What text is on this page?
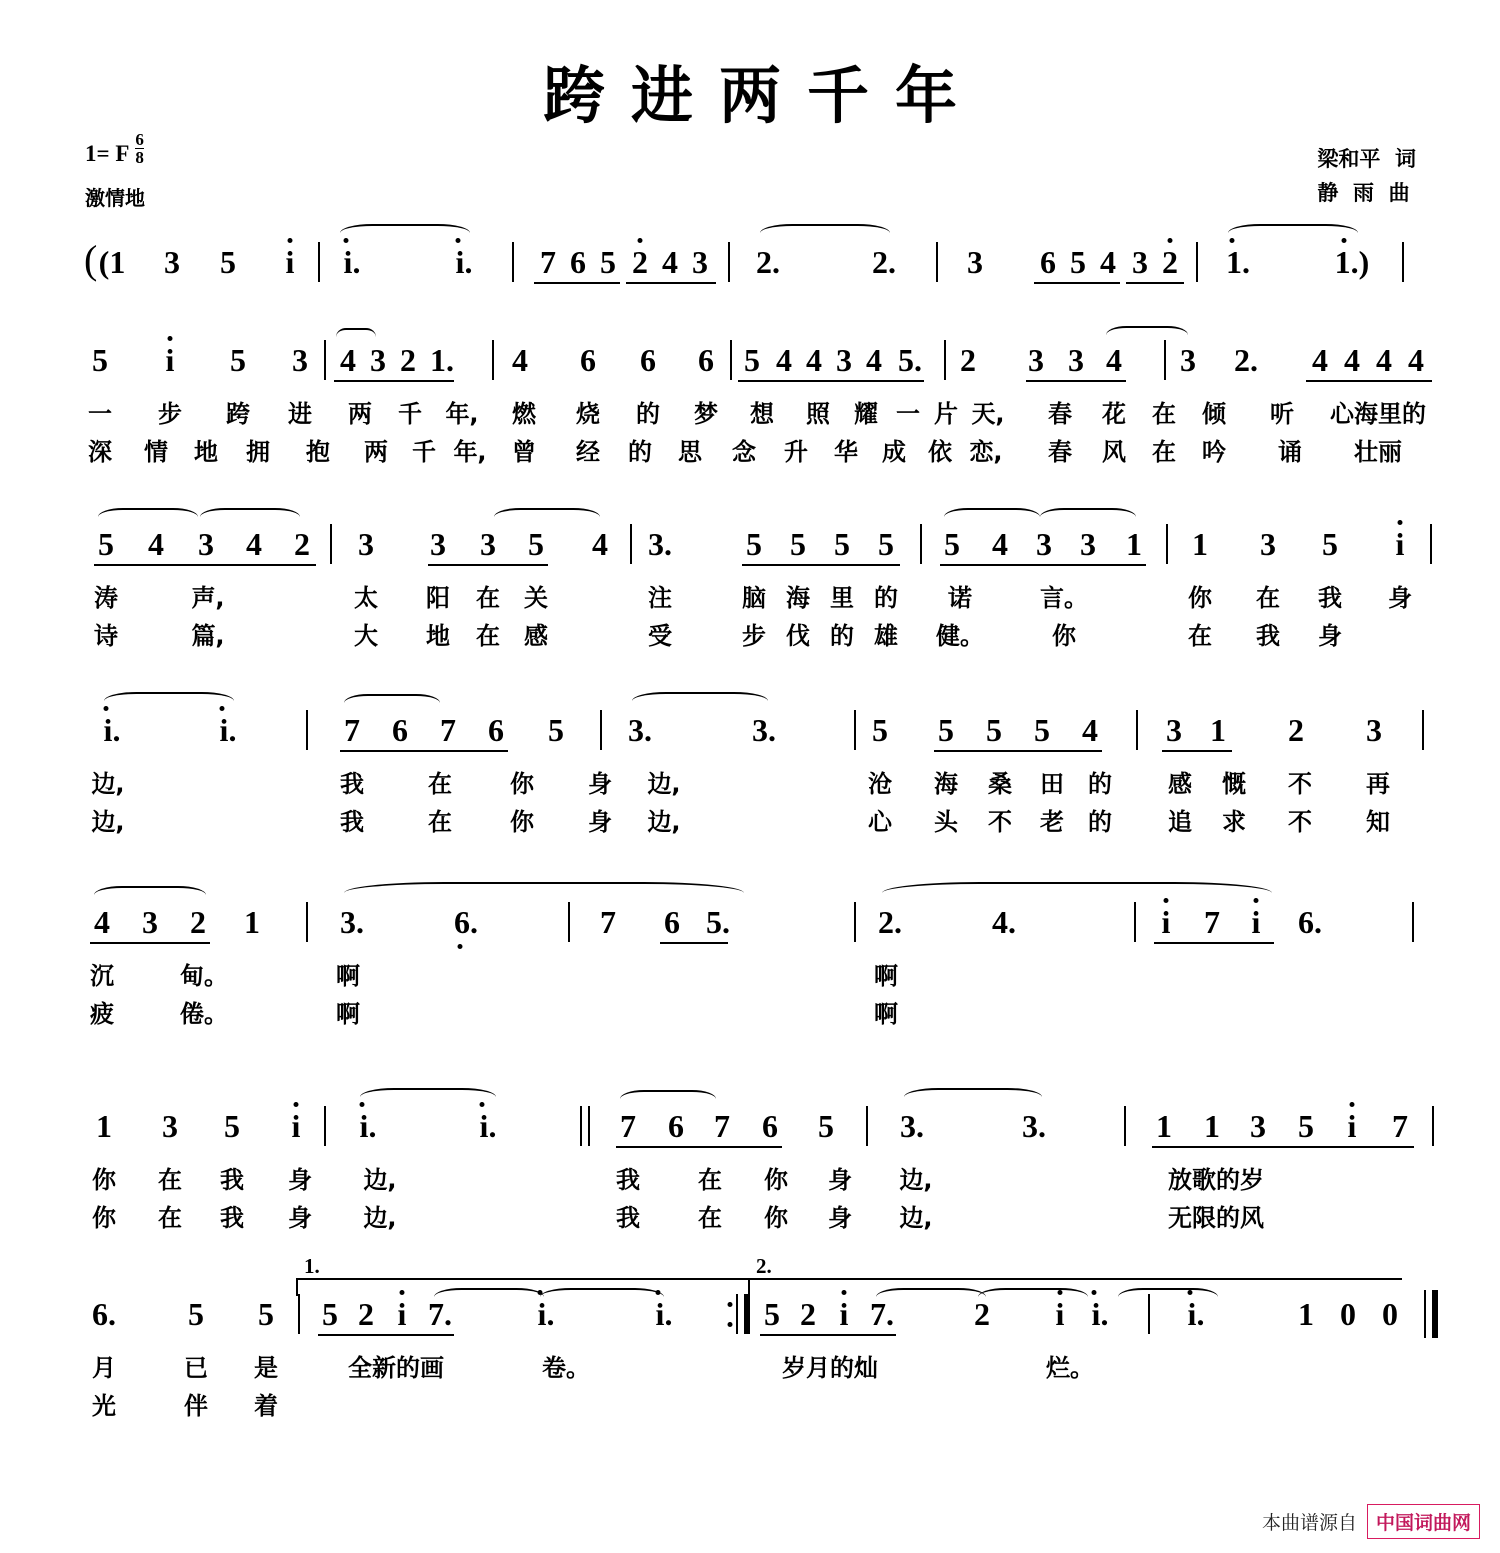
跨进两千年
1= F $\frac{6}{8}$
激情地
梁和平  词
静  雨  曲
( (1 3 5 i i.	i. 7 6 5 2 4 3 2.	2. 3 6 5 4 3 2 1.	1.)
5 i 5 3 4 3 2 1. 4 6 6 6 5 4 4 3 4 5. 2 3 3 4 3 2. 4 4 4 4
一 步 跨 进 两 千 年, 燃 烧 的 梦 想 照 耀 一 片 天, 春 花 在 倾 听 心海里的
深 情 地 拥 抱 两 千 年, 曾 经 的 思 念 升 华 成 依 恋, 春 风 在 吟 诵 壮丽
5 4 3 4 2 3 3 3 5 4 3. 5 5 5 5 5 4 3 3 1 1 3 5 i
涛	声,	太 阳 在 关	注	脑 海 里 的 诺	言。	你 在 我 身
诗	篇,	大 地 在 感	受	步 伐 的 雄 健。	你	在 我 身
i.	i.	7 6 7 6 5 3.	3.	5 5 5 5 4 3 1 2 3
边,	我	在 你 身 边,	沧 海 桑 田 的 感 慨 不 再
边,	我	在 你 身 边,	心 头 不 老 的 追 求 不 知
4 3 2 1	3.	6.	7 6 5.	2.	4.	i 7 i 6.
沉	甸。	啊	啊
疲	倦。	啊	啊
1 3 5 i i.	i.	7 6 7 6 5 3.	3.	1 1 3 5 i 7
你 在 我 身 边,	我 在 你 身 边,	放歌的岁
你 在 我 身 边,	我 在 你 身 边,	无限的风
1.	2.
6. 5 5 5 2 i 7.	i.	i.	5 2 i 7.	2 i i. i.	1 0 0
月	已 是	全新的画	卷。	岁月的灿	烂。
光	伴 着
本曲谱源自	中国词曲网
